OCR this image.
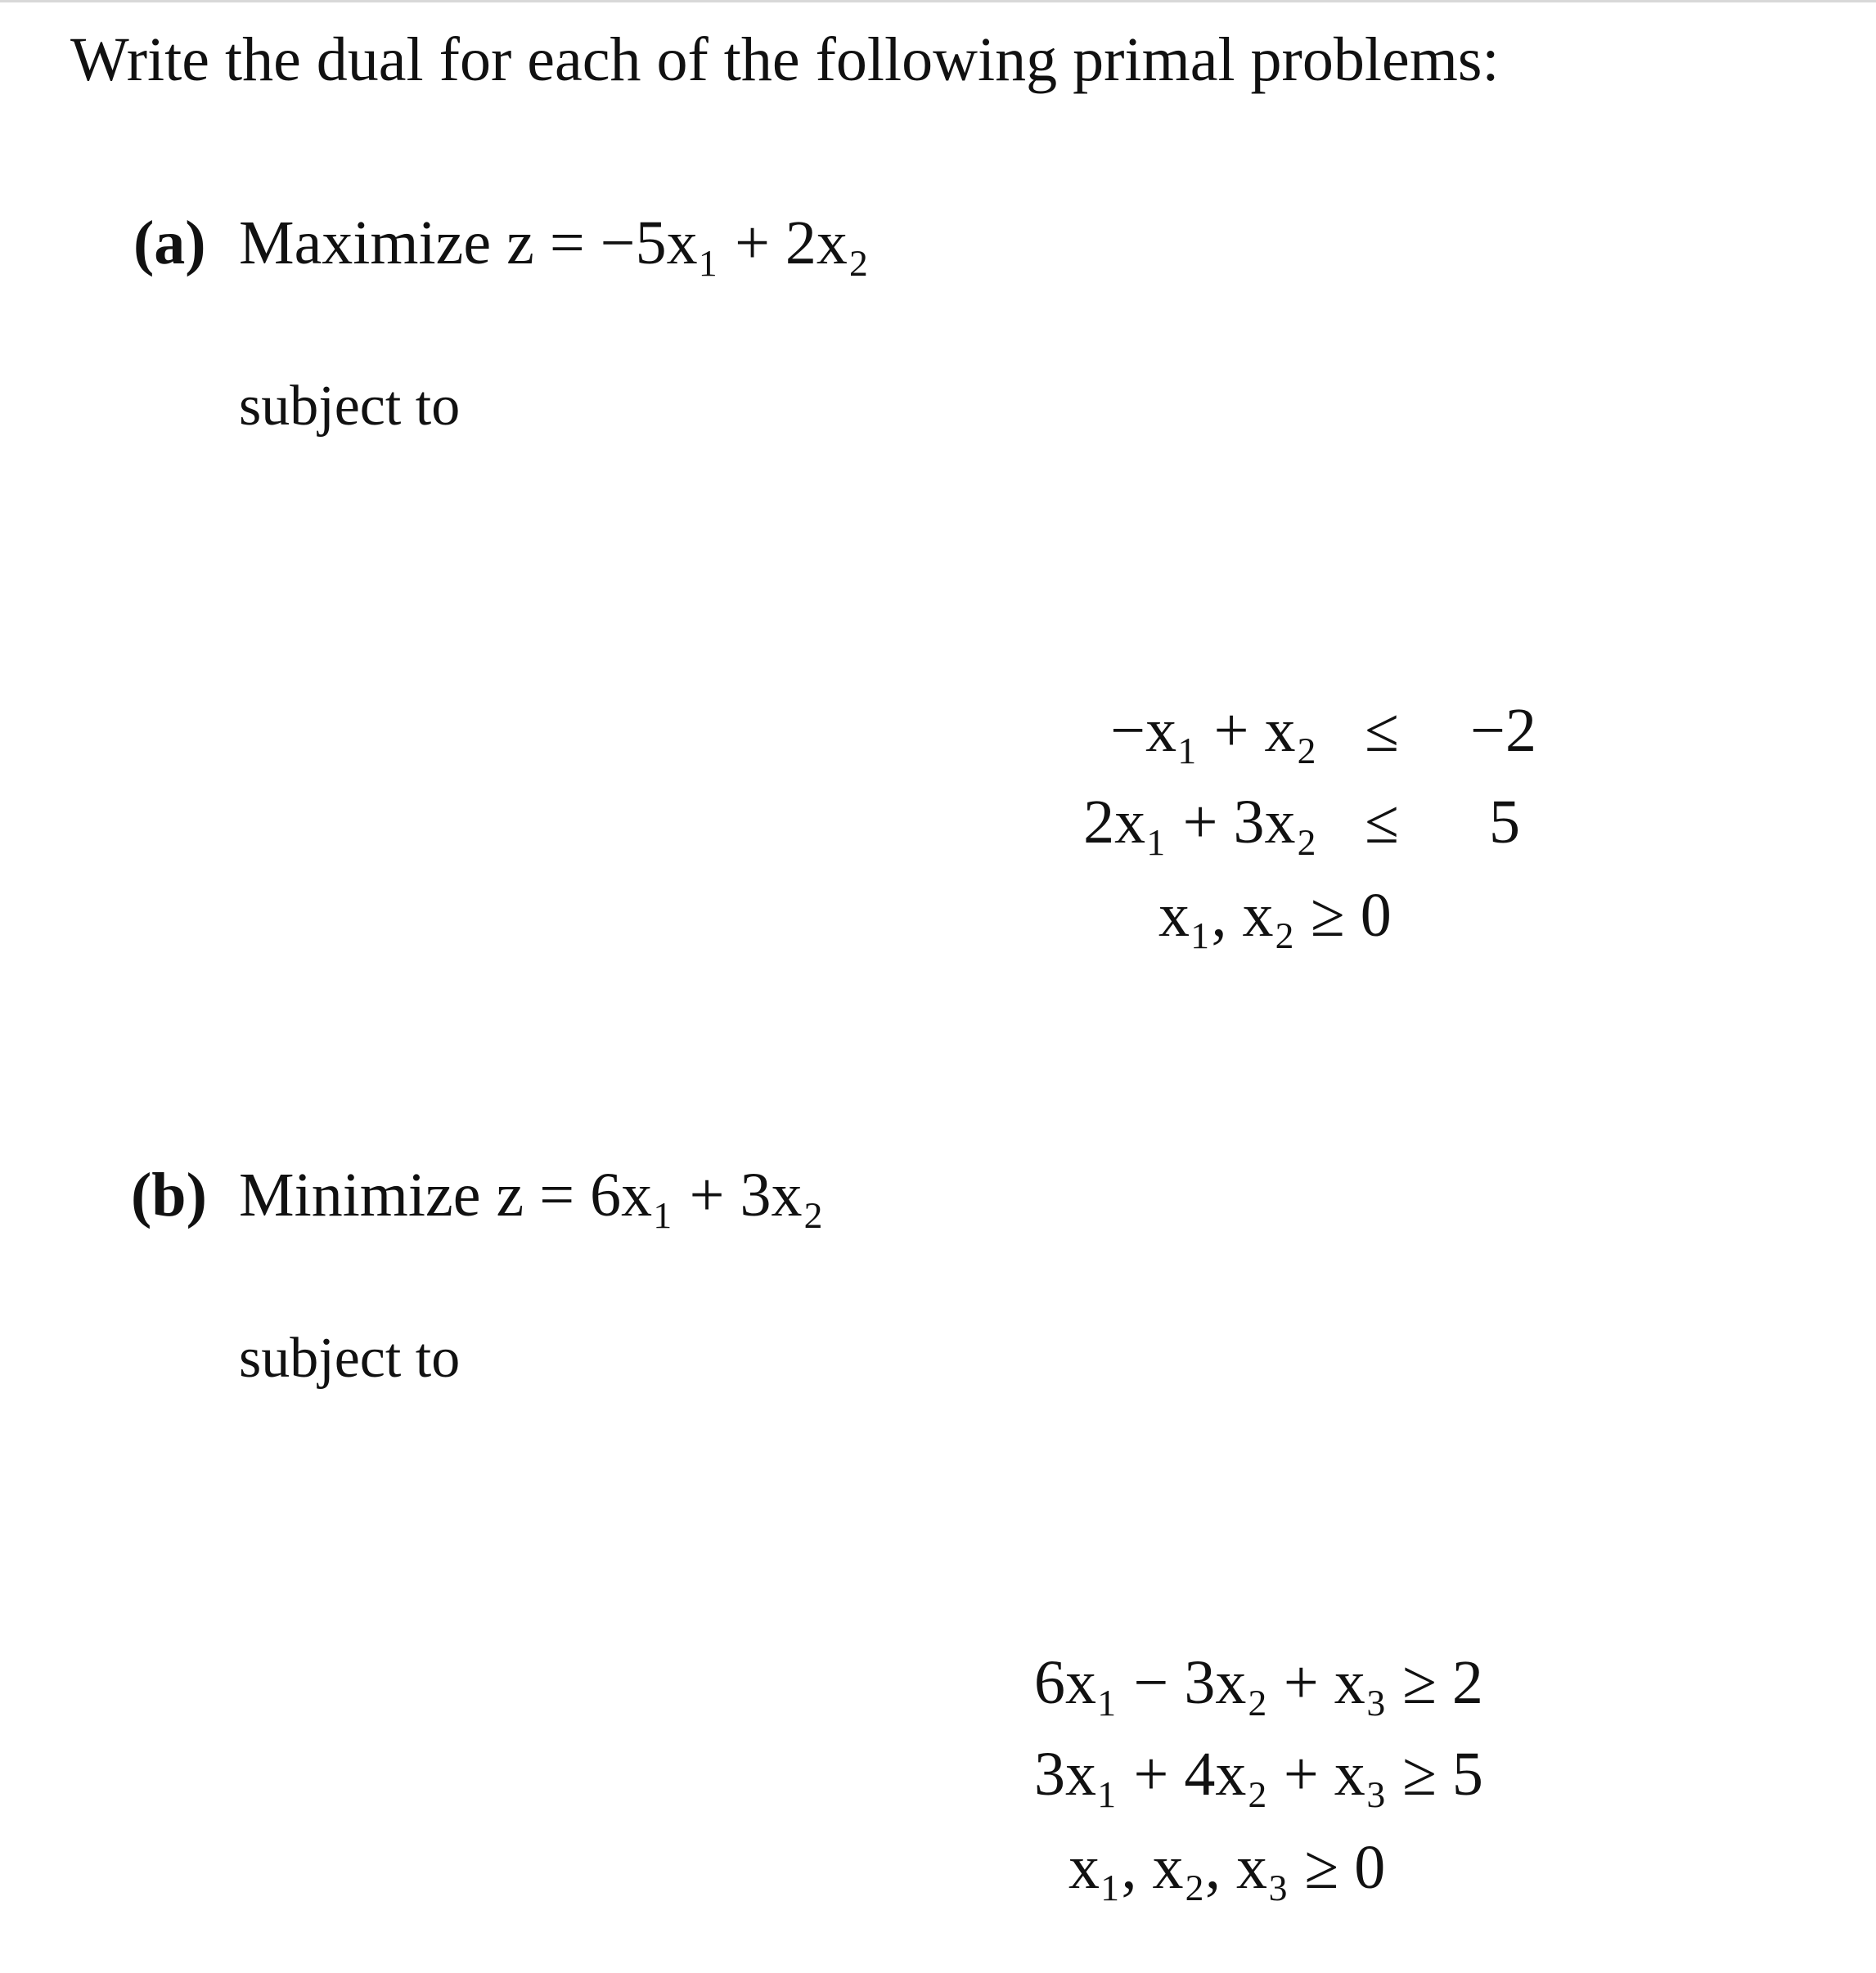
Write the dual for each of the following primal problems:
(a) Maximize z = −5x₁ + 2x₂
subject to
−x₁ + x₂ ≤ −2
2x₁ + 3x₂ ≤ 5
x₁, x₂ ≥ 0
(b) Minimize z = 6x₁ + 3x₂
subject to
6x₁ − 3x₂ + x₃ ≥ 2
3x₁ + 4x₂ + x₃ ≥ 5
x₁, x₂, x₃ ≥ 0
